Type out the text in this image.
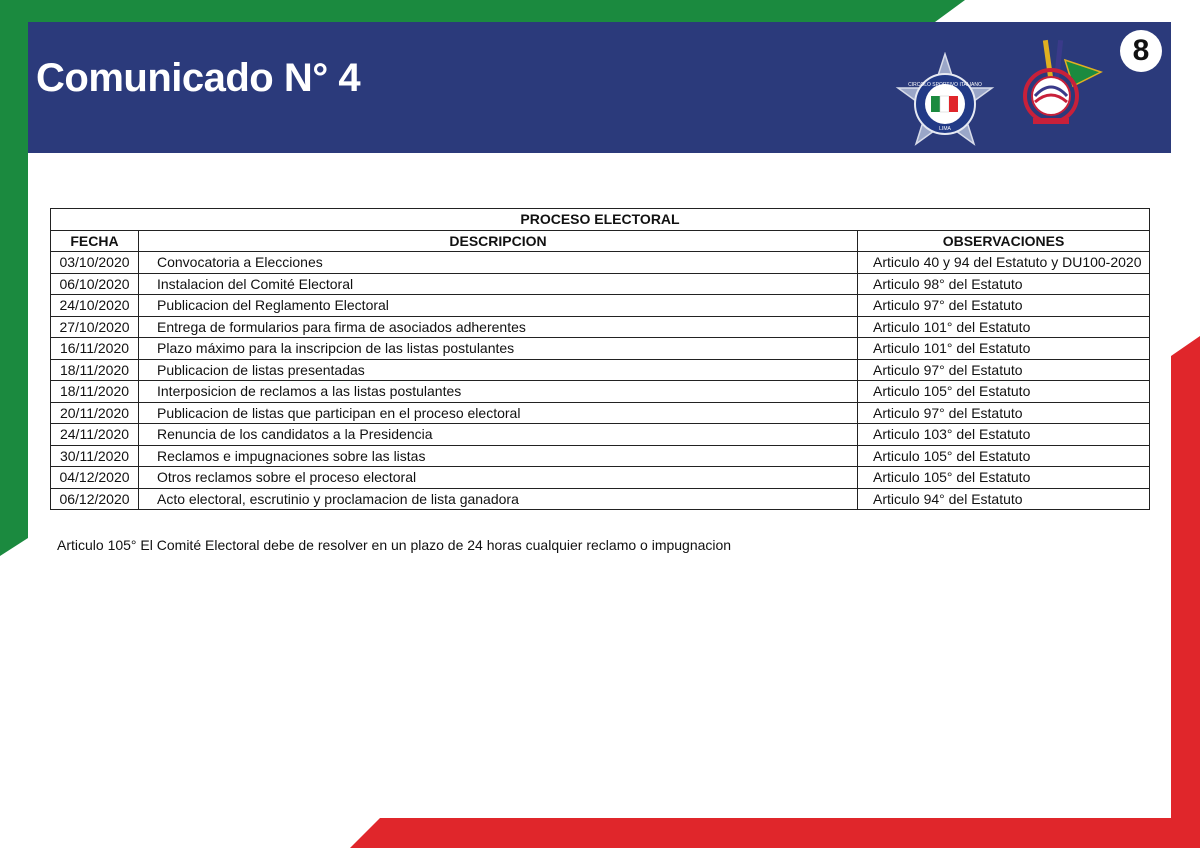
Comunicado N° 4	CIRCOLO SPORTIVO ITALIANO
LIMA
8
PROCESO ELECTORAL		
FECHA	DESCRIPCION	OBSERVACIONES
03/10/2020	Convocatoria a Elecciones	Articulo 40 y 94 del Estatuto y DU100-2020
06/10/2020	Instalacion del Comité Electoral	Articulo 98° del Estatuto
24/10/2020	Publicacion del Reglamento Electoral	Articulo 97° del Estatuto
27/10/2020	Entrega de formularios para firma de asociados adherentes	Articulo 101° del Estatuto
16/11/2020	Plazo máximo para la inscripcion de las listas postulantes	Articulo 101° del Estatuto
18/11/2020	Publicacion de listas presentadas	Articulo 97° del Estatuto
18/11/2020	Interposicion de reclamos a las listas postulantes	Articulo 105° del Estatuto
20/11/2020	Publicacion de listas que participan en el proceso electoral	Articulo 97° del Estatuto
24/11/2020	Renuncia de los candidatos a la Presidencia	Articulo 103° del Estatuto
30/11/2020	Reclamos e impugnaciones sobre las listas	Articulo 105° del Estatuto
04/12/2020	Otros reclamos sobre el proceso electoral	Articulo 105° del Estatuto
06/12/2020	Acto electoral, escrutinio y proclamacion de lista ganadora	Articulo 94° del Estatuto
Articulo 105° El Comité Electoral debe de resolver en un plazo de 24 horas cualquier reclamo o impugnacion
